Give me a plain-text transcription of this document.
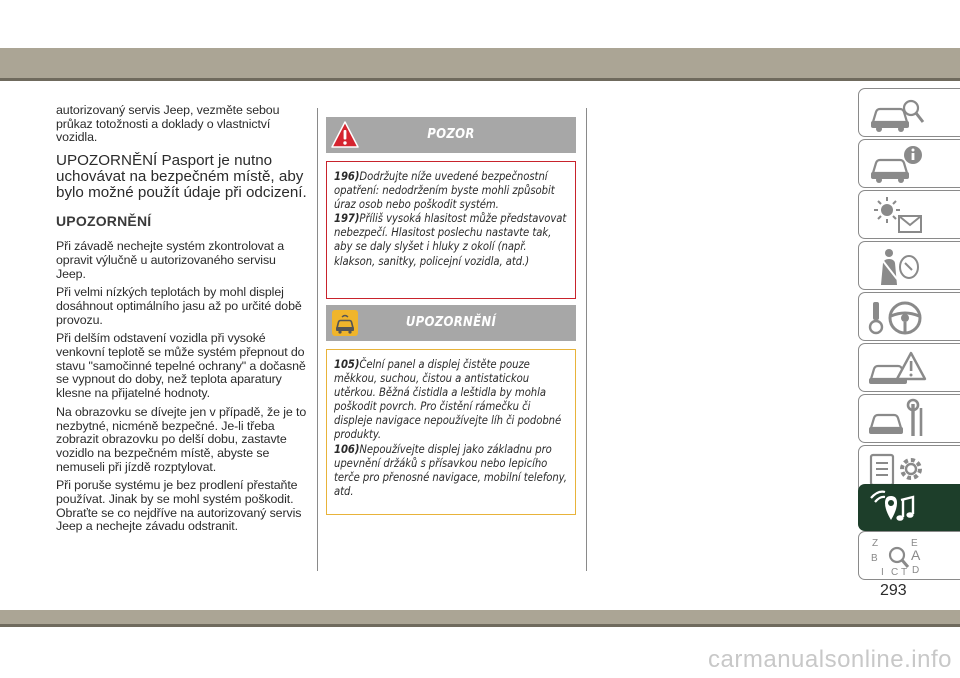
autorizovaný servis Jeep, vezměte sebou průkaz totožnosti a doklady o vlastnictví vozidla.

UPOZORNĚNÍ Pasport je nutno uchovávat na bezpečném místě, aby bylo možné použít údaje při odcizení.

UPOZORNĚNÍ

Při závadě nechejte systém zkontrolovat a opravit výlučně u autorizovaného servisu Jeep.

Při velmi nízkých teplotách by mohl displej dosáhnout optimálního jasu až po určité době provozu.

Při delším odstavení vozidla při vysoké venkovní teplotě se může systém přepnout do stavu "samočinné tepelné ochrany" a dočasně se vypnout do doby, než teplota aparatury klesne na přijatelné hodnoty.

Na obrazovku se dívejte jen v případě, že je to nezbytné, nicméně bezpečné. Je-li třeba zobrazit obrazovku po delší dobu, zastavte vozidlo na bezpečném místě, abyste se nemuseli při jízdě rozptylovat.

Při poruše systému je bez prodlení přestaňte používat. Jinak by se mohl systém poškodit. Obraťte se co nejdříve na autorizovaný servis Jeep a nechejte závadu odstranit.

POZOR

196)Dodržujte níže uvedené bezpečnostní opatření: nedodržením byste mohli způsobit úraz osob nebo poškodit systém.

197)Příliš vysoká hlasitost může představovat nebezpečí. Hlasitost poslechu nastavte tak, aby se daly slyšet i hluky z okolí (např. klakson, sanitky, policejní vozidla, atd.)

UPOZORNĚNÍ

105)Čelní panel a displej čistěte pouze měkkou, suchou, čistou a antistatickou utěrkou. Běžná čistidla a leštidla by mohla poškodit povrch. Pro čistění rámečku či displeje navigace nepoužívejte líh či podobné produkty.

106)Nepoužívejte displej jako základnu pro upevnění držáků s přísavkou nebo lepicího terče pro přenosné navigace, mobilní telefony, atd.

Z	E
B A
I C T D
293
carmanualsonline.info
